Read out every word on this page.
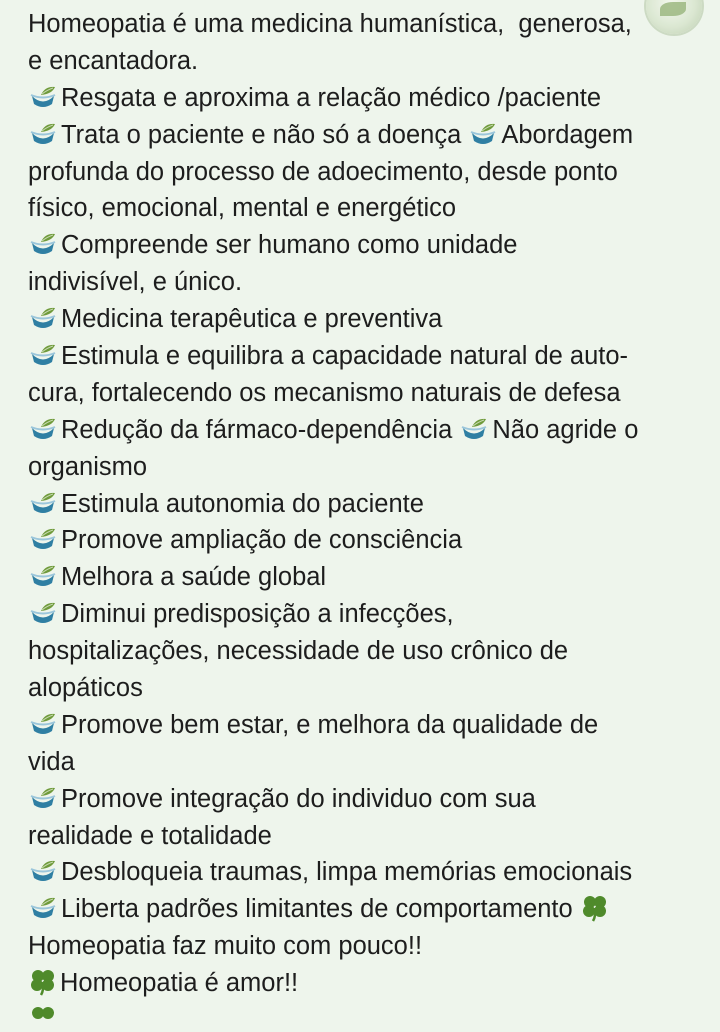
Homeopatia é uma medicina humanística,  generosa,
e encantadora.
Resgata e aproxima a relação médico /paciente
Trata o paciente e não só a doença Abordagem
profunda do processo de adoecimento, desde ponto
físico, emocional, mental e energético
Compreende ser humano como unidade
indivisível, e único.
Medicina terapêutica e preventiva
Estimula e equilibra a capacidade natural de auto-
cura, fortalecendo os mecanismo naturais de defesa
Redução da fármaco-dependência Não agride o
organismo
Estimula autonomia do paciente
Promove ampliação de consciência
Melhora a saúde global
Diminui predisposição a infecções,
hospitalizações, necessidade de uso crônico de
alopáticos
Promove bem estar, e melhora da qualidade de
vida
Promove integração do individuo com sua
realidade e totalidade
Desbloqueia traumas, limpa memórias emocionais
Liberta padrões limitantes de comportamento
Homeopatia faz muito com pouco!!
Homeopatia é amor!!
